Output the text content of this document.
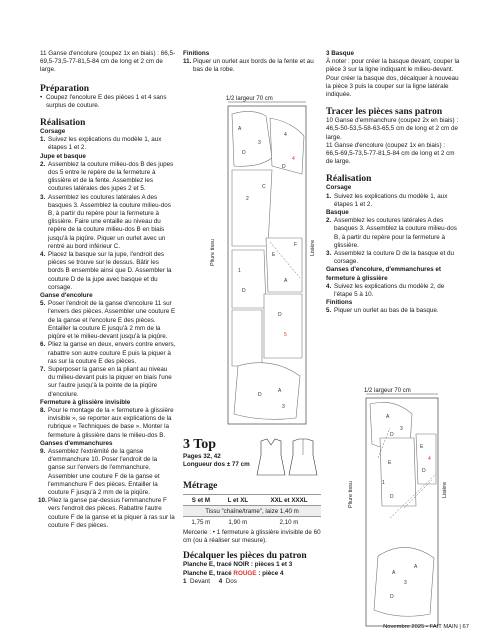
11 Ganse d'encolure (coupez 1x en biais) : 66,5-69,5-73,5-77-81,5-84 cm de long et 2 cm de large.

Préparation

• Coupez l'encolure E des pièces 1 et 4 sans surplus de couture.

Réalisation

Corsage

1. Suivez les explications du modèle 1, aux étapes 1 et 2.

Jupe et basque

2. Assemblez la couture milieu-dos B des jupes dos 5 entre le repère de la fermeture à glissière et de la fente. Assemblez les coutures latérales des jupes 2 et 5.

3. Assemblez les coutures latérales A des basques 3. Assemblez la couture milieu-dos B, à partir du repère pour la fermeture à glissière. Faire une entaille au niveau du repère de la couture milieu-dos B en biais jusqu'à la piqûre. Piquer un ourlet avec un rentré au bord inférieur C.

4. Placez la basque sur la jupe, l'endroit des pièces se trouve sur le dessus. Bâtir les bords B ensemble ainsi que D. Assembler la couture D de la jupe avec basque et du corsage.

Ganse d'encolure

5. Poser l'endroit de la ganse d'encolure 11 sur l'envers des pièces. Assembler une couture E de la ganse et l'encolure E des pièces. Entailler la couture E jusqu'à 2 mm de la piqûre et le milieu-devant jusqu'à la piqûre.

6. Pliez la ganse en deux, envers contre envers, rabattre son autre couture E puis la piquer à ras sur la couture E des pièces.

7. Superposer la ganse en la pliant au niveau du milieu-devant puis la piquer en biais l'une sur l'autre jusqu'à la pointe de la piqûre d'encolure.

Fermeture à glissière invisible

8. Pour le montage de la « fermeture à glissière invisible », se reporter aux explications de la rubrique « Techniques de base ». Monter la fermeture à glissière dans le milieu-dos B.

Ganses d'emmanchures

9. Assemblez l'extrémité de la ganse d'emmanchure 10. Poser l'endroit de la ganse sur l'envers de l'emmanchure. Assembler une couture F de la ganse et l'emmanchure F des pièces. Entailler la couture F jusqu'à 2 mm de la piqûre.

10. Pliez la ganse par-dessus l'emmanchure F vers l'endroit des pièces. Rabattre l'autre couture F de la ganse et la piquer à ras sur la couture F des pièces.

Finitions

11. Piquer un ourlet aux bords de la fente et au bas de la robe.

1/2 largeur 70 cm
A
D
3
4
4
D
2
C
E
F
A
1
D
D
5
A
3
D
Pliure tissu	Lisière
3 Top

Pages 32, 42

Longueur dos ± 77 cm

Métrage
S et M	L et XL	XXL et XXXL
Tissu "chaîne/trame", laize 1,40 m		
1,75 m	1,90 m	2,10 m

Mercerie : • 1 fermeture à glissière invisible de 60 cm (ou à réaliser sur mesure).

Décalquer les pièces du patron

Planche E, tracé NOIR : pièces 1 et 3

Planche E, tracé ROUGE : pièce 4

1 Devant 4 Dos

3 Basque

À noter : pour créer la basque devant, couper la pièce 3 sur la ligne indiquant le milieu-devant. Pour créer la basque dos, décalquer à nouveau la pièce 3 puis la couper sur la ligne latérale indiquée.

Tracer les pièces sans patron

10 Ganse d'emmanchure (coupez 2x en biais) : 46,5-50-53,5-58-63-65,5 cm de long et 2 cm de large.

11 Ganse d'encolure (coupez 1x en biais) : 66,5-69,5-73,5-77-81,5-84 cm de long et 2 cm de large.

Réalisation

Corsage

1. Suivez les explications du modèle 1, aux étapes 1 et 2.

Basque

2. Assemblez les coutures latérales A des basques 3. Assemblez la couture milieu-dos B, à partir du repère pour la fermeture à glissière.

3. Assemblez la couture D de la basque et du corsage.

Ganses d'encolure, d'emmanchures et fermeture à glissière

4. Suivez les explications du modèle 2, de l'étape 5 à 10.

Finitions

5. Piquer un ourlet au bas de la basque.

1/2 largeur 70 cm
A
D
3
E
1
D
E
4
D
A
3
D
A
Pliure tissu	Lisière
Novembre 2025 • FAIT MAIN | 67
